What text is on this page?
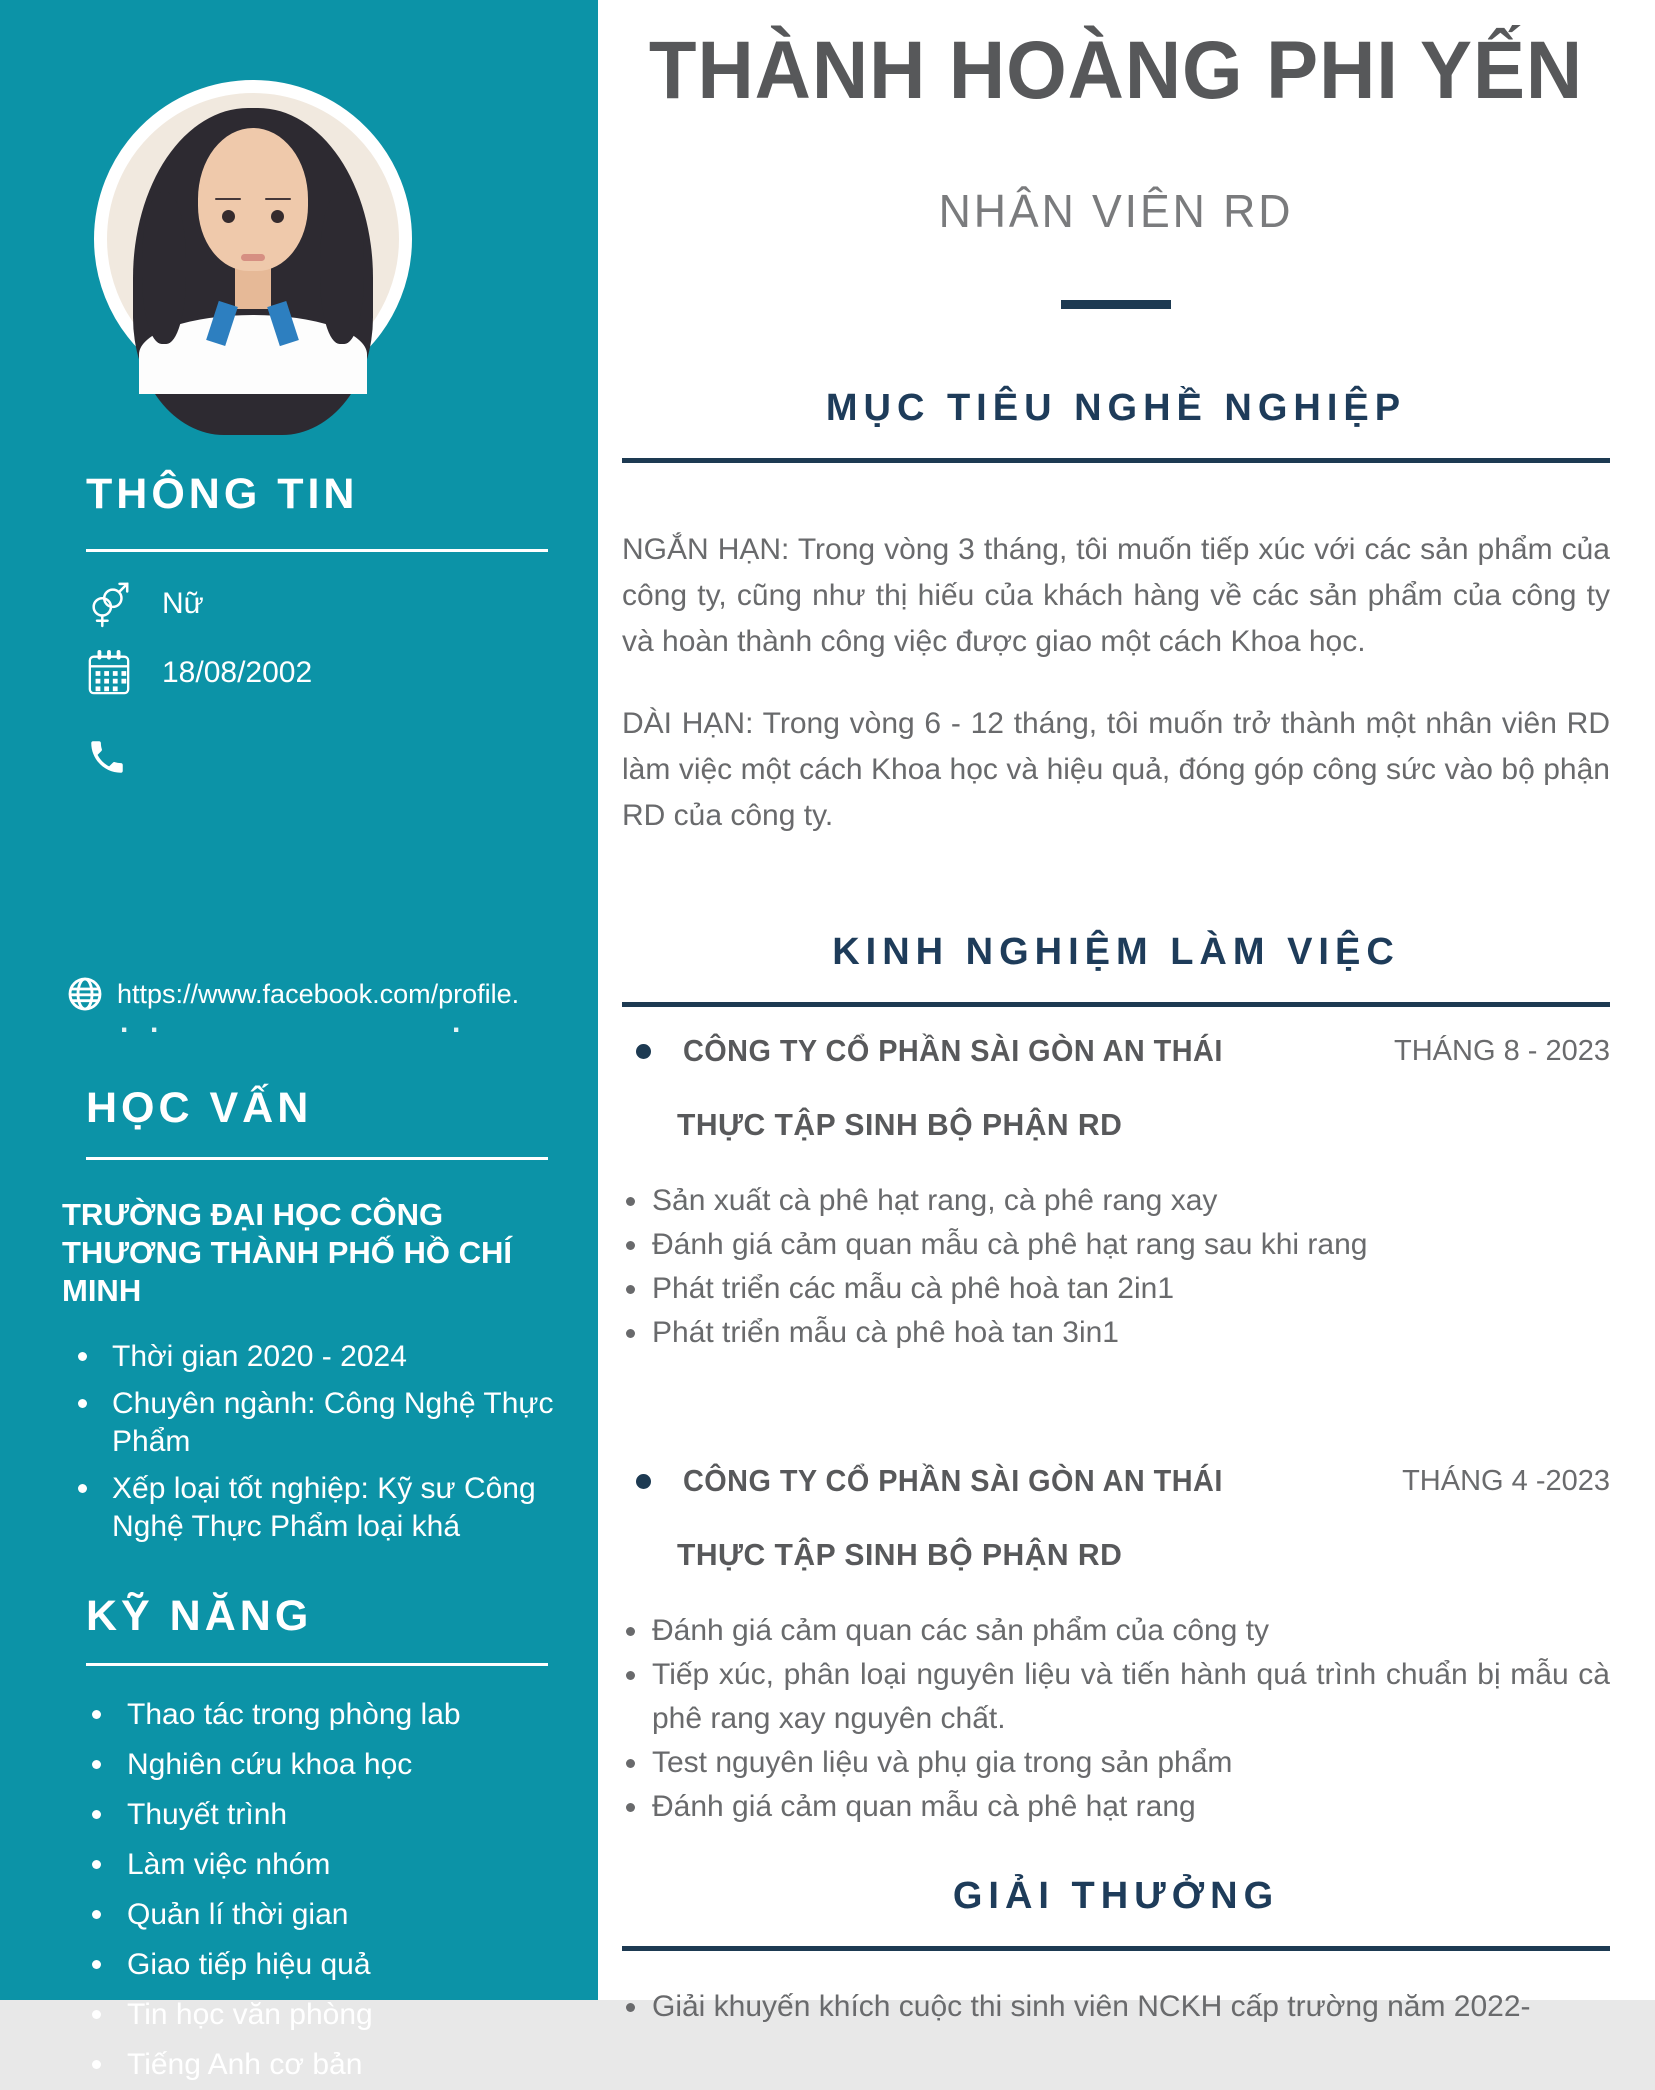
THÔNG TIN
Nữ
18/08/2002
https://www.facebook.com/profile.
. .	.
HỌC VẤN
TRƯỜNG ĐẠI HỌC CÔNG THƯƠNG THÀNH PHỐ HỒ CHÍ MINH
Thời gian 2020 - 2024
Chuyên ngành: Công Nghệ Thực Phẩm
Xếp loại tốt nghiệp: Kỹ sư Công Nghệ Thực Phẩm loại khá
KỸ NĂNG
Thao tác trong phòng lab
Nghiên cứu khoa học
Thuyết trình
Làm việc nhóm
Quản lí thời gian
Giao tiếp hiệu quả
Tin học văn phòng
Tiếng Anh cơ bản
THÀNH HOÀNG PHI YẾN
NHÂN VIÊN RD
MỤC TIÊU NGHỀ NGHIỆP

NGẮN HẠN: Trong vòng 3 tháng, tôi muốn tiếp xúc với các sản phẩm của công ty, cũng như thị hiếu của khách hàng về các sản phẩm của công ty và hoàn thành công việc được giao một cách Khoa học.

DÀI HẠN: Trong vòng 6 - 12 tháng, tôi muốn trở thành một nhân viên RD làm việc một cách Khoa học và hiệu quả, đóng góp công sức vào bộ phận RD của công ty.

KINH NGHIỆM LÀM VIỆC
CÔNG TY CỔ PHẦN SÀI GÒN AN THÁI	THÁNG 8 - 2023
THỰC TẬP SINH BỘ PHẬN RD
Sản xuất cà phê hạt rang, cà phê rang xay
Đánh giá cảm quan mẫu cà phê hạt rang sau khi rang
Phát triển các mẫu cà phê hoà tan 2in1
Phát triển mẫu cà phê hoà tan 3in1
CÔNG TY CỔ PHẦN SÀI GÒN AN THÁI	THÁNG 4 -2023
THỰC TẬP SINH BỘ PHẬN RD
Đánh giá cảm quan các sản phẩm của công ty
Tiếp xúc, phân loại nguyên liệu và tiến hành quá trình chuẩn bị mẫu cà phê rang xay nguyên chất.
Test nguyên liệu và phụ gia trong sản phẩm
Đánh giá cảm quan mẫu cà phê hạt rang
GIẢI THƯỞNG
Giải khuyến khích cuộc thi sinh viên NCKH cấp trường năm 2022-
